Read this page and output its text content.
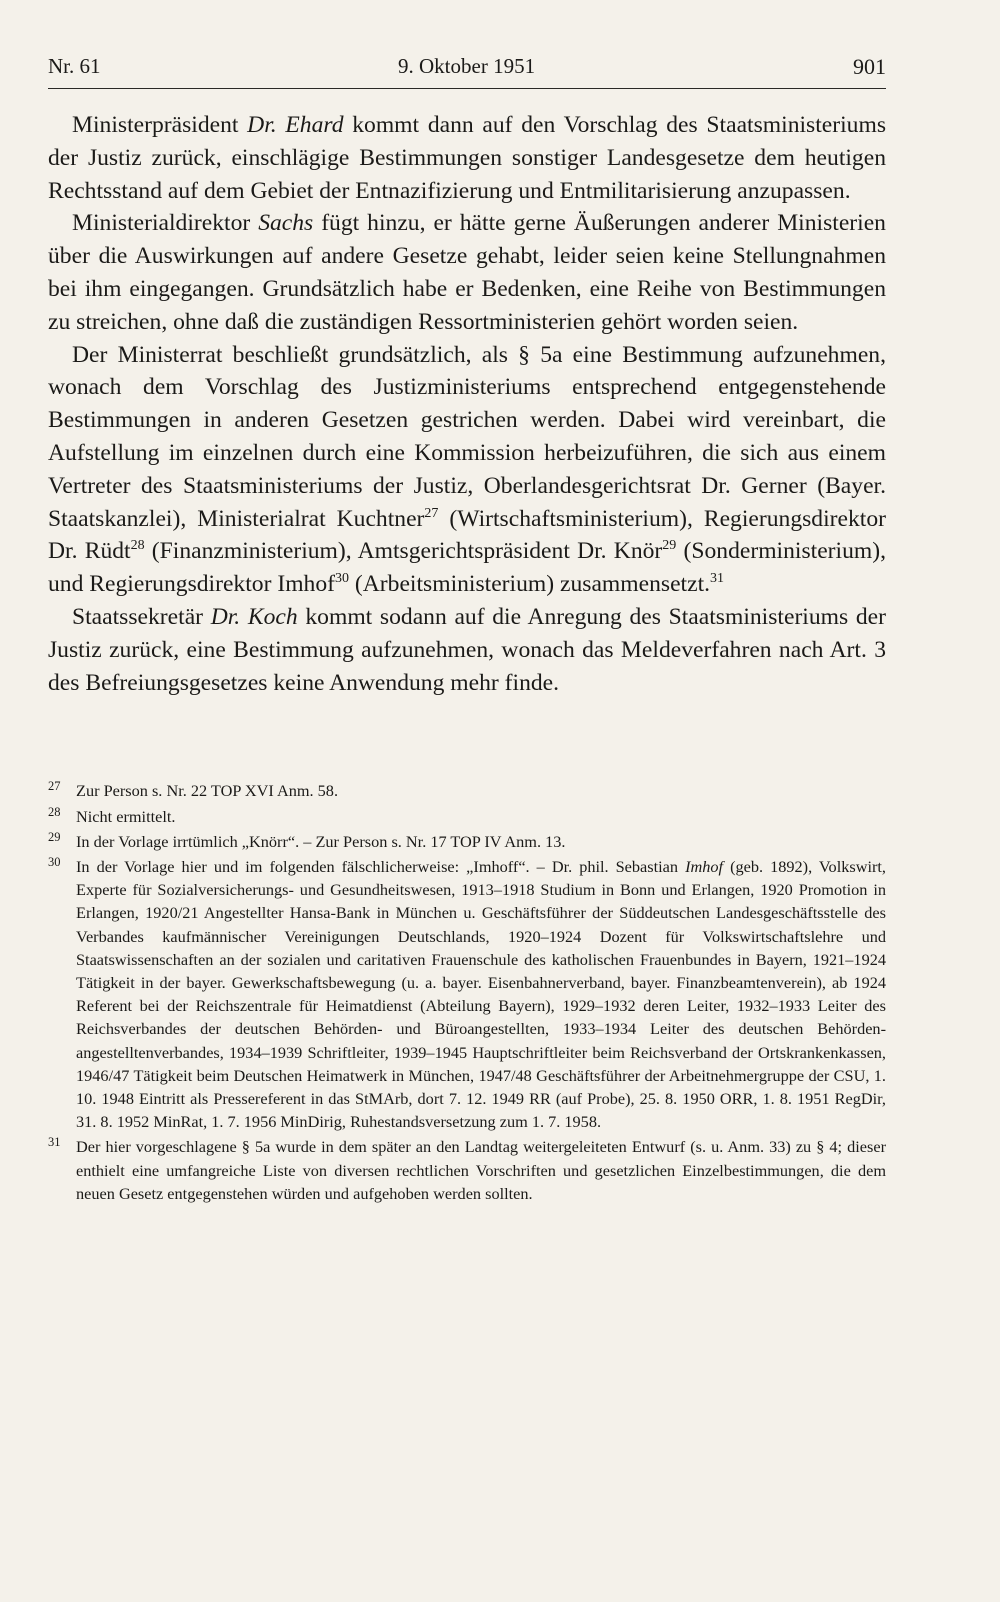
Nr. 61	9. Oktober 1951	901

Ministerpräsident Dr. Ehard kommt dann auf den Vorschlag des Staatsministeriums der Justiz zurück, einschlägige Bestimmungen sonstiger Landesgesetze dem heutigen Rechtsstand auf dem Gebiet der Entnazifizierung und Entmilitarisierung anzupassen.

Ministerialdirektor Sachs fügt hinzu, er hätte gerne Äußerungen anderer Ministerien über die Auswirkungen auf andere Gesetze gehabt, leider seien keine Stellungnahmen bei ihm eingegangen. Grundsätzlich habe er Bedenken, eine Reihe von Bestimmungen zu streichen, ohne daß die zuständigen Ressortministerien gehört worden seien.

Der Ministerrat beschließt grundsätzlich, als § 5a eine Bestimmung aufzunehmen, wonach dem Vorschlag des Justizministeriums entsprechend entgegenstehende Bestimmungen in anderen Gesetzen gestrichen werden. Dabei wird vereinbart, die Aufstellung im einzelnen durch eine Kommission herbeizuführen, die sich aus einem Vertreter des Staatsministeriums der Justiz, Oberlandesgerichtsrat Dr. Gerner (Bayer. Staatskanzlei), Ministerialrat Kuchtner$^{27}$ (Wirtschaftsministerium), Regierungsdirektor Dr. Rüdt$^{28}$ (Finanzministerium), Amtsgerichtspräsident Dr. Knör$^{29}$ (Sonderministerium), und Regierungsdirektor Imhof$^{30}$ (Arbeitsministerium) zusammensetzt.$^{31}$

Staatssekretär Dr. Koch kommt sodann auf die Anregung des Staatsministeriums der Justiz zurück, eine Bestimmung aufzunehmen, wonach das Meldeverfahren nach Art. 3 des Befreiungsgesetzes keine Anwendung mehr finde.

27 Zur Person s. Nr. 22 TOP XVI Anm. 58.

28 Nicht ermittelt.

29 In der Vorlage irrtümlich „Knörr“. – Zur Person s. Nr. 17 TOP IV Anm. 13.

30 In der Vorlage hier und im folgenden fälschlicherweise: „Imhoff“. – Dr. phil. Sebastian Imhof (geb. 1892), Volkswirt, Experte für Sozialversicherungs- und Gesundheitswesen, 1913–1918 Studium in Bonn und Erlangen, 1920 Promotion in Erlangen, 1920/21 Angestellter Hansa-Bank in München u. Geschäftsführer der Süddeutschen Landesgeschäftsstelle des Verbandes kaufmännischer Vereinigungen Deutschlands, 1920–1924 Dozent für Volkswirtschaftslehre und Staatswissenschaften an der sozialen und caritativen Frauenschule des katholischen Frauenbundes in Bayern, 1921–1924 Tätigkeit in der bayer. Gewerkschaftsbewegung (u. a. bayer. Eisenbahnerverband, bayer. Finanzbeamtenverein), ab 1924 Referent bei der Reichszentrale für Heimatdienst (Abteilung Bayern), 1929–1932 deren Leiter, 1932–1933 Leiter des Reichsverbandes der deutschen Behörden- und Büroangestellten, 1933–1934 Leiter des deutschen Behördenangestelltenverbandes, 1934–1939 Schriftleiter, 1939–1945 Hauptschriftleiter beim Reichsverband der Ortskrankenkassen, 1946/47 Tätigkeit beim Deutschen Heimatwerk in München, 1947/48 Geschäftsführer der Arbeitnehmergruppe der CSU, 1. 10. 1948 Eintritt als Pressereferent in das StMArb, dort 7. 12. 1949 RR (auf Probe), 25. 8. 1950 ORR, 1. 8. 1951 RegDir, 31. 8. 1952 MinRat, 1. 7. 1956 MinDirig, Ruhestandsversetzung zum 1. 7. 1958.

31 Der hier vorgeschlagene § 5a wurde in dem später an den Landtag weitergeleiteten Entwurf (s. u. Anm. 33) zu § 4; dieser enthielt eine umfangreiche Liste von diversen rechtlichen Vorschriften und gesetzlichen Einzelbestimmungen, die dem neuen Gesetz entgegenstehen würden und aufgehoben werden sollten.
